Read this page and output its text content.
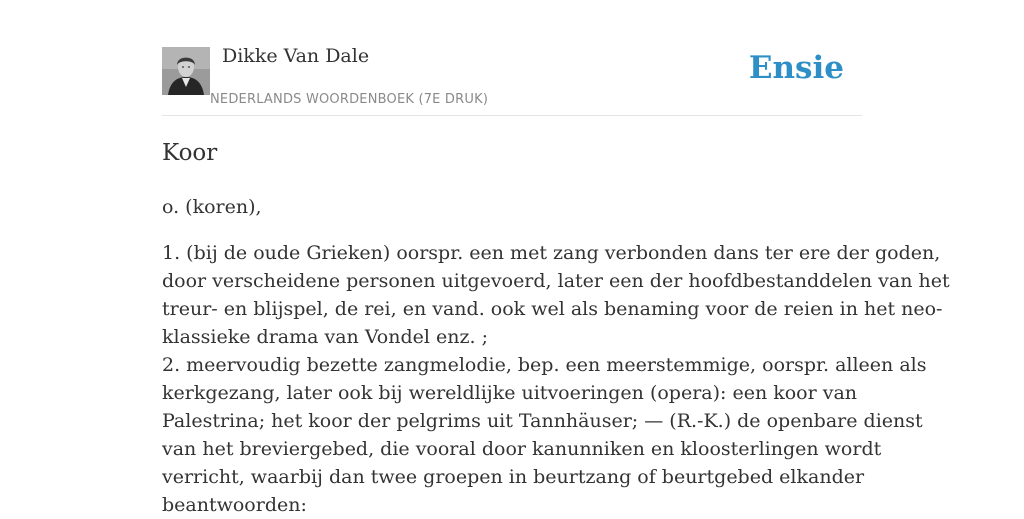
Dikke Van Dale
NEDERLANDS WOORDENBOEK (7E DRUK)
Ensie
Koor

o. (koren),

1. (bij de oude Grieken) oorspr. een met zang verbonden dans ter ere der goden,
door verscheidene personen uitgevoerd, later een der hoofdbestanddelen van het
treur- en blijspel, de rei, en vand. ook wel als benaming voor de reien in het neo-
klassieke drama van Vondel enz. ;
2. meervoudig bezette zangmelodie, bep. een meerstemmige, oorspr. alleen als
kerkgezang, later ook bij wereldlijke uitvoeringen (opera): een koor van
Palestrina; het koor der pelgrims uit Tannhäuser; — (R.-K.) de openbare dienst
van het breviergebed, die vooral door kanunniken en kloosterlingen wordt
verricht, waarbij dan twee groepen in beurtzang of beurtgebed elkander
beantwoorden:
